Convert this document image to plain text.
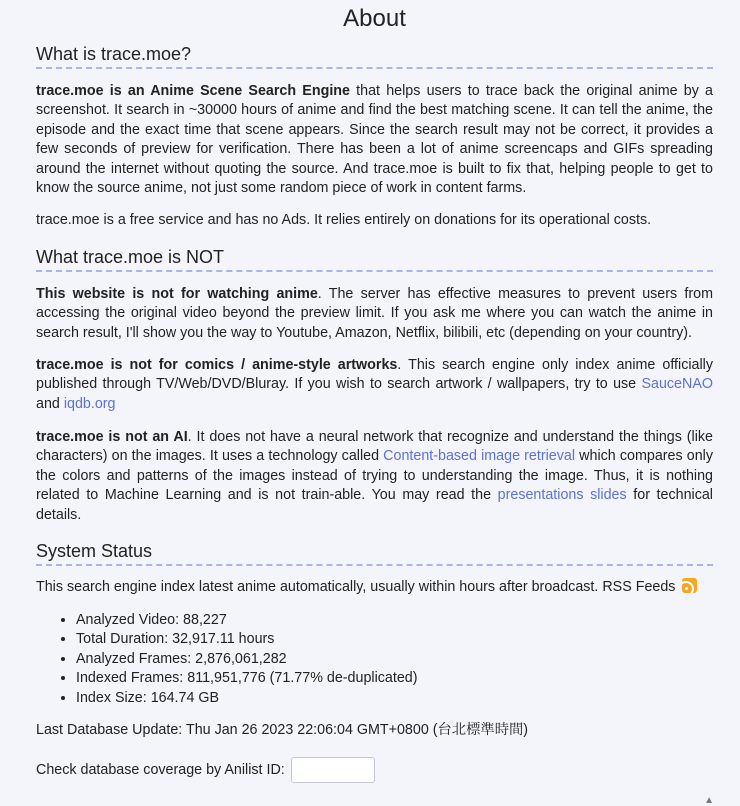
About
What is trace.moe?

trace.moe is an Anime Scene Search Engine that helps users to trace back the original anime by a screenshot. It search in ~30000 hours of anime and find the best matching scene. It can tell the anime, the episode and the exact time that scene appears. Since the search result may not be correct, it provides a few seconds of preview for verification. There has been a lot of anime screencaps and GIFs spreading around the internet without quoting the source. And trace.moe is built to fix that, helping people to get to know the source anime, not just some random piece of work in content farms.

trace.moe is a free service and has no Ads. It relies entirely on donations for its operational costs.

What trace.moe is NOT

This website is not for watching anime. The server has effective measures to prevent users from accessing the original video beyond the preview limit. If you ask me where you can watch the anime in search result, I'll show you the way to Youtube, Amazon, Netflix, bilibili, etc (depending on your country).

trace.moe is not for comics / anime-style artworks. This search engine only index anime officially published through TV/Web/DVD/Bluray. If you wish to search artwork / wallpapers, try to use SauceNAO and iqdb.org

trace.moe is not an AI. It does not have a neural network that recognize and understand the things (like characters) on the images. It uses a technology called Content-based image retrieval which compares only the colors and patterns of the images instead of trying to understanding the image. Thus, it is nothing related to Machine Learning and is not train-able. You may read the presentations slides for technical details.

System Status

This search engine index latest anime automatically, usually within hours after broadcast. RSS Feeds

• Analyzed Video: 88,227
• Total Duration: 32,917.11 hours
• Analyzed Frames: 2,876,061,282
• Indexed Frames: 811,951,776 (71.77% de-duplicated)
• Index Size: 164.74 GB

Last Database Update: Thu Jan 26 2023 22:06:04 GMT+0800 (台北標準時間)

Check database coverage by Anilist ID:

▲
